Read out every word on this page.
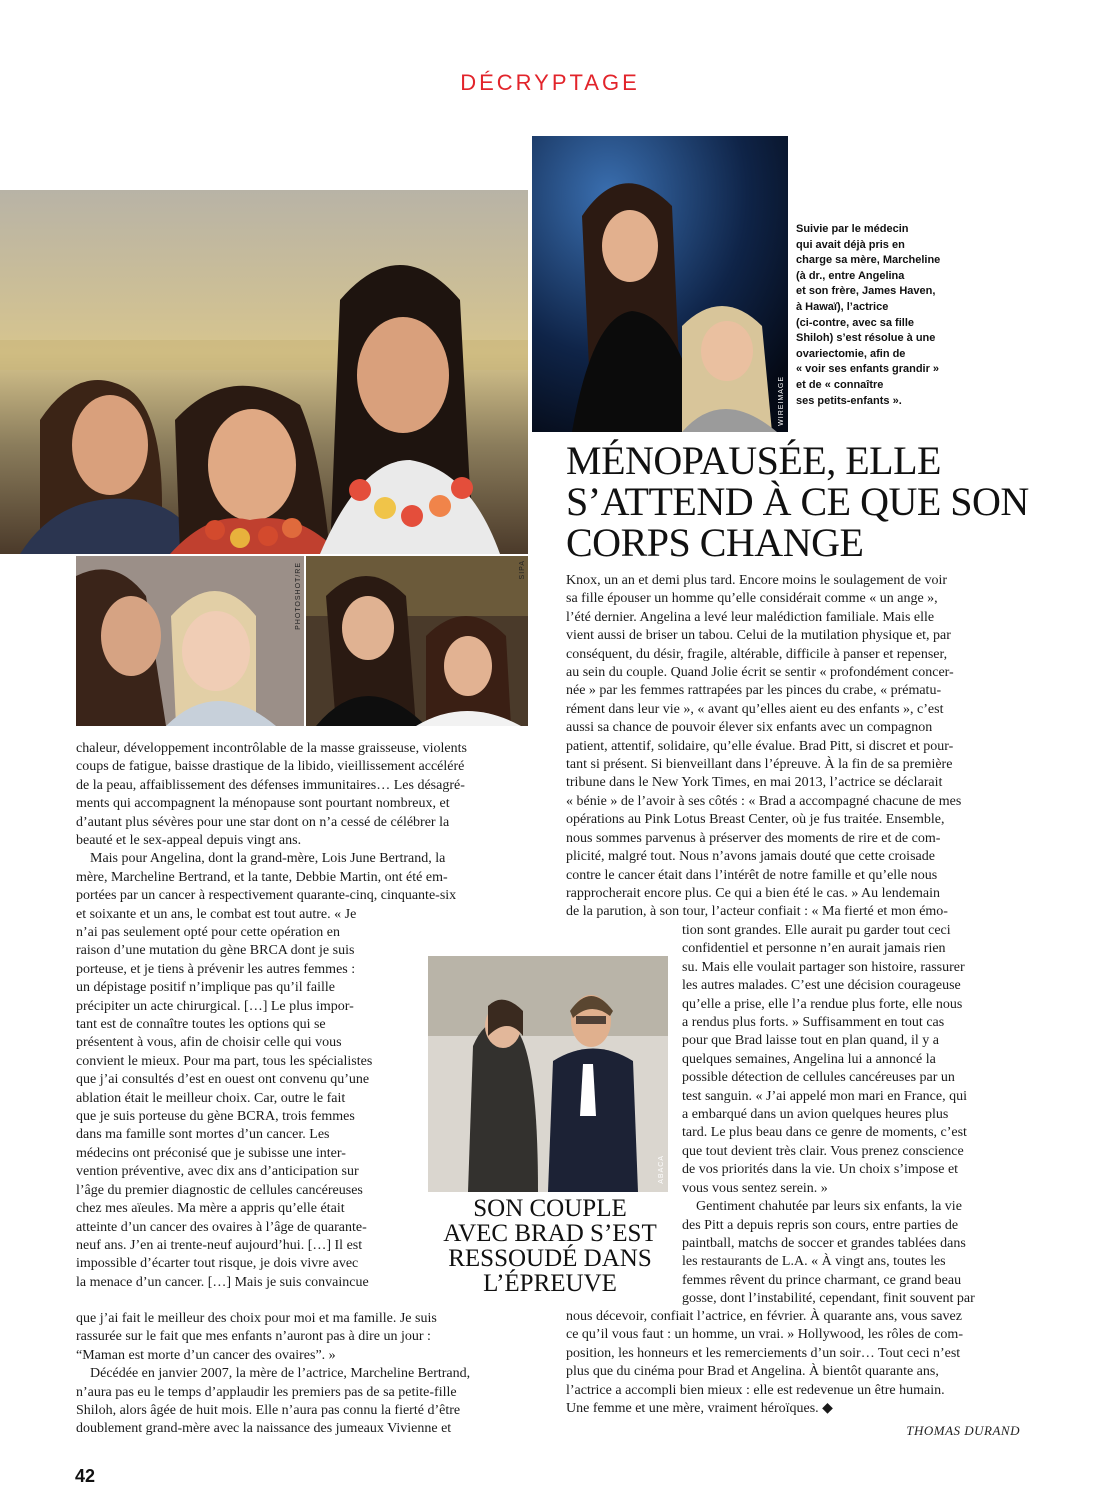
DÉCRYPTAGE
WIREIMAGE
Suivie par le médecin
qui avait déjà pris en
charge sa mère, Marcheline
(à dr., entre Angelina
et son frère, James Haven,
à Hawaï), l’actrice
(ci-contre, avec sa fille
Shiloh) s’est résolue à une
ovariectomie, afin de
« voir ses enfants grandir »
et de « connaître
ses petits-enfants ».
MÉNOPAUSÉE, ELLE
S’ATTEND À CE QUE SON
CORPS CHANGE
PHOTOSHOT/RE	SIPA
ABACA
SON COUPLE
AVEC BRAD S’EST
RESSOUDÉ DANS
L’ÉPREUVE
chaleur, développement incontrôlable de la masse graisseuse, violents
coups de fatigue, baisse drastique de la libido, vieillissement accéléré
de la peau, affaiblissement des défenses immunitaires… Les désagré-
ments qui accompagnent la ménopause sont pourtant nombreux, et
d’autant plus sévères pour une star dont on n’a cessé de célébrer la
beauté et le sex-appeal depuis vingt ans.
Mais pour Angelina, dont la grand-mère, Lois June Bertrand, la
mère, Marcheline Bertrand, et la tante, Debbie Martin, ont été em-
portées par un cancer à respectivement quarante-cinq, cinquante-six
et soixante et un ans, le combat est tout autre. « Je
n’ai pas seulement opté pour cette opération en
raison d’une mutation du gène BRCA dont je suis
porteuse, et je tiens à prévenir les autres femmes :
un dépistage positif n’implique pas qu’il faille
précipiter un acte chirurgical. […] Le plus impor-
tant est de connaître toutes les options qui se
présentent à vous, afin de choisir celle qui vous
convient le mieux. Pour ma part, tous les spécialistes
que j’ai consultés d’est en ouest ont convenu qu’une
ablation était le meilleur choix. Car, outre le fait
que je suis porteuse du gène BCRA, trois femmes
dans ma famille sont mortes d’un cancer. Les
médecins ont préconisé que je subisse une inter-
vention préventive, avec dix ans d’anticipation sur
l’âge du premier diagnostic de cellules cancéreuses
chez mes aïeules. Ma mère a appris qu’elle était
atteinte d’un cancer des ovaires à l’âge de quarante-
neuf ans. J’en ai trente-neuf aujourd’hui. […] Il est
impossible d’écarter tout risque, je dois vivre avec
la menace d’un cancer. […] Mais je suis convaincue
que j’ai fait le meilleur des choix pour moi et ma famille. Je suis
rassurée sur le fait que mes enfants n’auront pas à dire un jour :
“Maman est morte d’un cancer des ovaires”. »
Décédée en janvier 2007, la mère de l’actrice, Marcheline Bertrand,
n’aura pas eu le temps d’applaudir les premiers pas de sa petite-fille
Shiloh, alors âgée de huit mois. Elle n’aura pas connu la fierté d’être
doublement grand-mère avec la naissance des jumeaux Vivienne et
Knox, un an et demi plus tard. Encore moins le soulagement de voir
sa fille épouser un homme qu’elle considérait comme « un ange »,
l’été dernier. Angelina a levé leur malédiction familiale. Mais elle
vient aussi de briser un tabou. Celui de la mutilation physique et, par
conséquent, du désir, fragile, altérable, difficile à panser et repenser,
au sein du couple. Quand Jolie écrit se sentir « profondément concer-
née » par les femmes rattrapées par les pinces du crabe, « prématu-
rément dans leur vie », « avant qu’elles aient eu des enfants », c’est
aussi sa chance de pouvoir élever six enfants avec un compagnon
patient, attentif, solidaire, qu’elle évalue. Brad Pitt, si discret et pour-
tant si présent. Si bienveillant dans l’épreuve. À la fin de sa première
tribune dans le New York Times, en mai 2013, l’actrice se déclarait
« bénie » de l’avoir à ses côtés : « Brad a accompagné chacune de mes
opérations au Pink Lotus Breast Center, où je fus traitée. Ensemble,
nous sommes parvenus à préserver des moments de rire et de com-
plicité, malgré tout. Nous n’avons jamais douté que cette croisade
contre le cancer était dans l’intérêt de notre famille et qu’elle nous
rapprocherait encore plus. Ce qui a bien été le cas. » Au lendemain
de la parution, à son tour, l’acteur confiait : « Ma fierté et mon émo-
tion sont grandes. Elle aurait pu garder tout ceci
confidentiel et personne n’en aurait jamais rien
su. Mais elle voulait partager son histoire, rassurer
les autres malades. C’est une décision courageuse
qu’elle a prise, elle l’a rendue plus forte, elle nous
a rendus plus forts. » Suffisamment en tout cas
pour que Brad laisse tout en plan quand, il y a
quelques semaines, Angelina lui a annoncé la
possible détection de cellules cancéreuses par un
test sanguin. « J’ai appelé mon mari en France, qui
a embarqué dans un avion quelques heures plus
tard. Le plus beau dans ce genre de moments, c’est
que tout devient très clair. Vous prenez conscience
de vos priorités dans la vie. Un choix s’impose et
vous vous sentez serein. »
Gentiment chahutée par leurs six enfants, la vie
des Pitt a depuis repris son cours, entre parties de
paintball, matchs de soccer et grandes tablées dans
les restaurants de L.A. « À vingt ans, toutes les
femmes rêvent du prince charmant, ce grand beau
gosse, dont l’instabilité, cependant, finit souvent par
nous décevoir, confiait l’actrice, en février. À quarante ans, vous savez
ce qu’il vous faut : un homme, un vrai. » Hollywood, les rôles de com-
position, les honneurs et les remerciements d’un soir… Tout ceci n’est
plus que du cinéma pour Brad et Angelina. À bientôt quarante ans,
l’actrice a accompli bien mieux : elle est redevenue un être humain.
Une femme et une mère, vraiment héroïques. ◆
THOMAS DURAND
42
